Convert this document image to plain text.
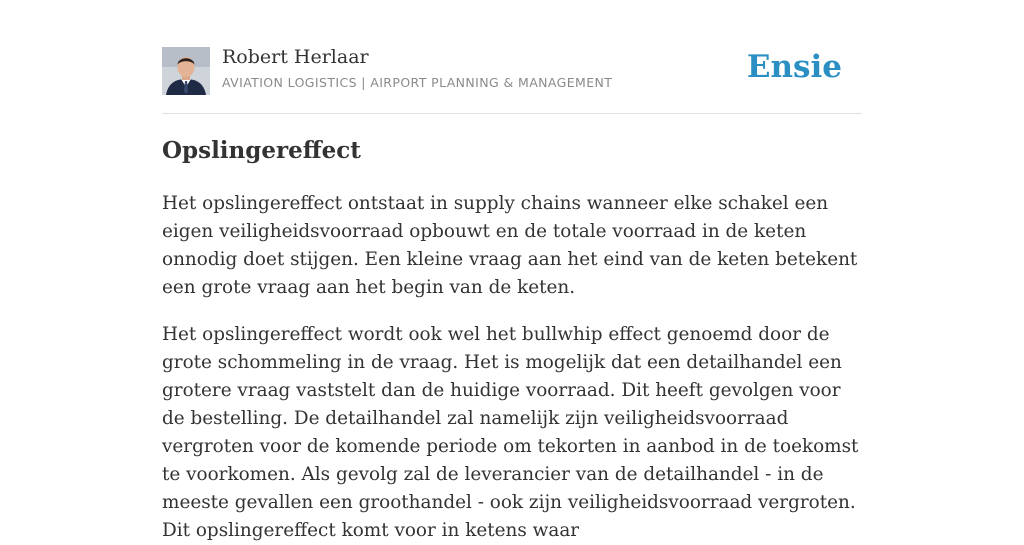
Robert Herlaar
AVIATION LOGISTICS | AIRPORT PLANNING & MANAGEMENT	Ensie
Opslingereffect

Het opslingereffect ontstaat in supply chains wanneer elke schakel een eigen veiligheidsvoorraad opbouwt en de totale voorraad in de keten onnodig doet stijgen. Een kleine vraag aan het eind van de keten betekent een grote vraag aan het begin van de keten.

Het opslingereffect wordt ook wel het bullwhip effect genoemd door de grote schommeling in de vraag. Het is mogelijk dat een detailhandel een grotere vraag vaststelt dan de huidige voorraad. Dit heeft gevolgen voor de bestelling. De detailhandel zal namelijk zijn veiligheidsvoorraad vergroten voor de komende periode om tekorten in aanbod in de toekomst te voorkomen. Als gevolg zal de leverancier van de detailhandel - in de meeste gevallen een groothandel - ook zijn veiligheidsvoorraad vergroten. Dit opslingereffect komt voor in ketens waar
